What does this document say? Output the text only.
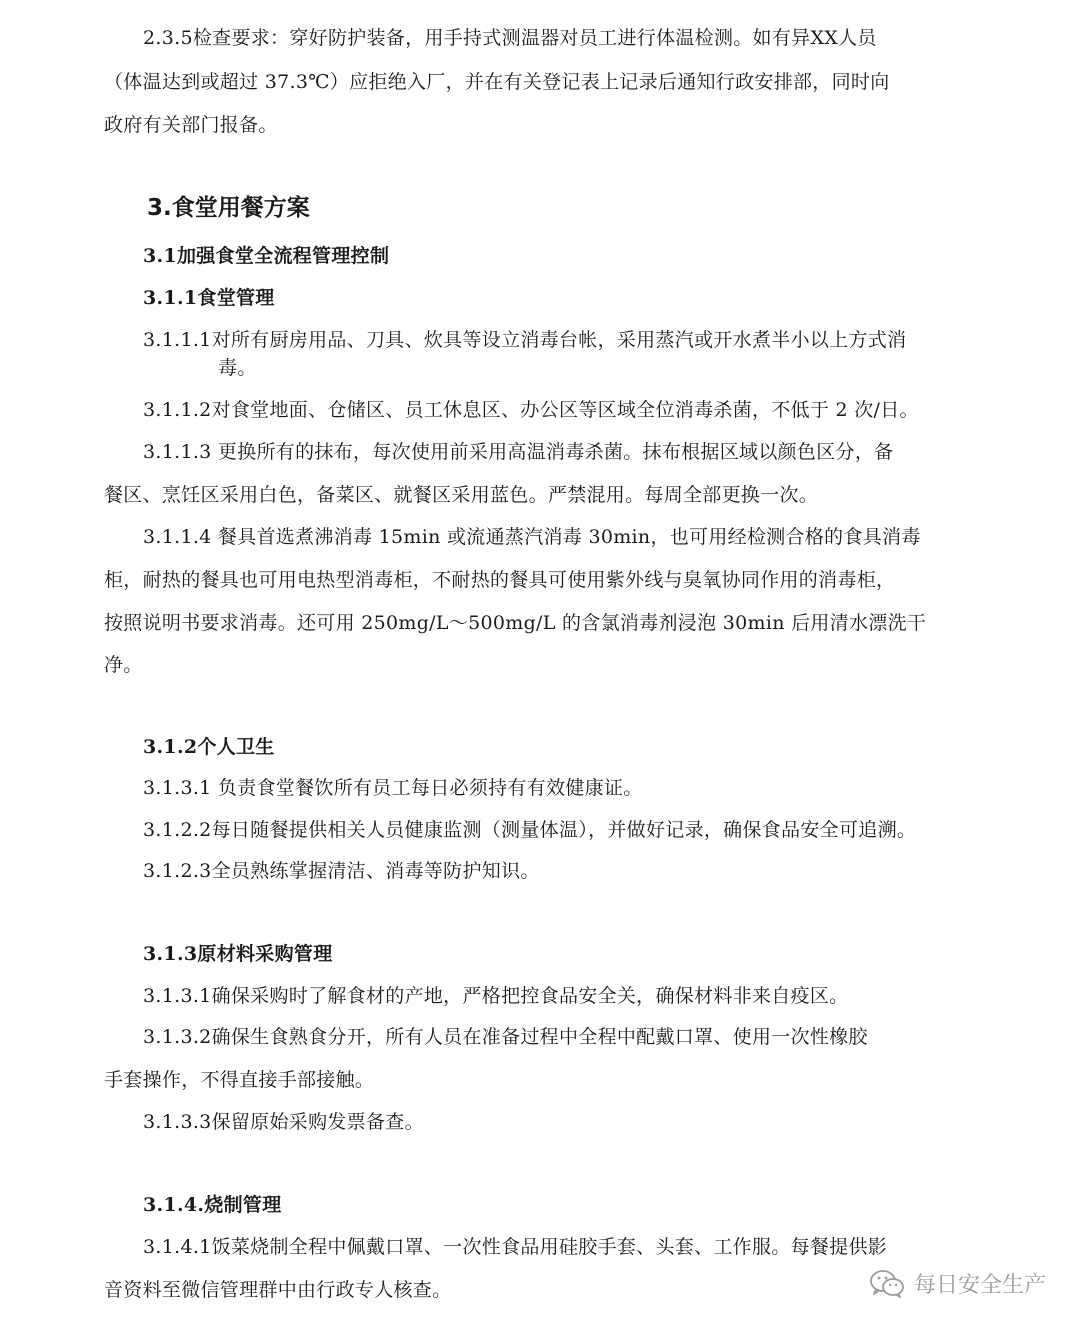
2.3.5检查要求：穿好防护装备，用手持式测温器对员工进行体温检测。如有异XX人员
（体温达到或超过 37.3℃）应拒绝入厂，并在有关登记表上记录后通知行政安排部，同时向
政府有关部门报备。
3.食堂用餐方案
3.1加强食堂全流程管理控制
3.1.1食堂管理
3.1.1.1对所有厨房用品、刀具、炊具等设立消毒台帐，采用蒸汽或开水煮半小以上方式消
毒。
3.1.1.2对食堂地面、仓储区、员工休息区、办公区等区域全位消毒杀菌，不低于 2 次/日。
3.1.1.3 更换所有的抹布，每次使用前采用高温消毒杀菌。抹布根据区域以颜色区分，备
餐区、烹饪区采用白色，备菜区、就餐区采用蓝色。严禁混用。每周全部更换一次。
3.1.1.4 餐具首选煮沸消毒 15min 或流通蒸汽消毒 30min，也可用经检测合格的食具消毒
柜，耐热的餐具也可用电热型消毒柜，不耐热的餐具可使用紫外线与臭氧协同作用的消毒柜，
按照说明书要求消毒。还可用 250mg/L～500mg/L 的含氯消毒剂浸泡 30min 后用清水漂洗干
净。
3.1.2个人卫生
3.1.3.1 负责食堂餐饮所有员工每日必须持有有效健康证。
3.1.2.2每日随餐提供相关人员健康监测（测量体温），并做好记录，确保食品安全可追溯。
3.1.2.3全员熟练掌握清洁、消毒等防护知识。
3.1.3原材料采购管理
3.1.3.1确保采购时了解食材的产地，严格把控食品安全关，确保材料非来自疫区。
3.1.3.2确保生食熟食分开，所有人员在准备过程中全程中配戴口罩、使用一次性橡胶
手套操作，不得直接手部接触。
3.1.3.3保留原始采购发票备查。
3.1.4.烧制管理
3.1.4.1饭菜烧制全程中佩戴口罩、一次性食品用硅胶手套、头套、工作服。每餐提供影
音资料至微信管理群中由行政专人核查。	每日安全生产
